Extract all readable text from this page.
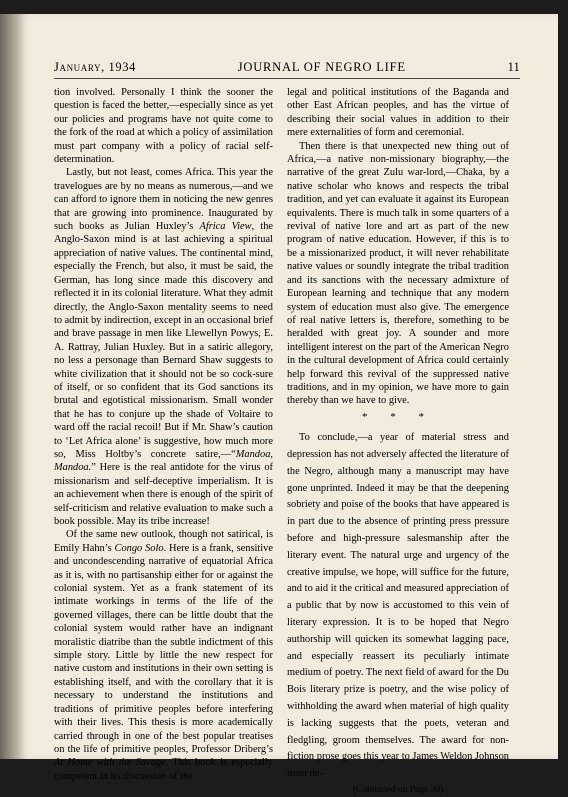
January, 1934	JOURNAL OF NEGRO LIFE	11

tion involved. Personally I think the sooner the question is faced the better,—especially since as yet our policies and programs have not quite come to the fork of the road at which a policy of assimilation must part company with a policy of racial self-determination.

Lastly, but not least, comes Africa. This year the travelogues are by no means as numerous,—and we can afford to ignore them in noticing the new genres that are growing into prominence. Inaugurated by such books as Julian Huxley’s Africa View, the Anglo-Saxon mind is at last achieving a spiritual appreciation of native values. The continental mind, especially the French, but also, it must be said, the German, has long since made this discovery and reflected it in its colonial literature. What they admit directly, the Anglo-Saxon mentality seems to need to admit by indirection, except in an occasional brief and brave passage in men like Llewellyn Powys, E. A. Rattray, Julian Huxley. But in a satiric allegory, no less a personage than Bernard Shaw suggests to white civilization that it should not be so cock-sure of itself, or so confident that its God sanctions its brutal and egotistical missionarism. Small wonder that he has to conjure up the shade of Voltaire to ward off the racial recoil! But if Mr. Shaw’s caution to ‘Let Africa alone’ is suggestive, how much more so, Miss Holtby’s concrete satire,—“Mandoa, Mandoa.” Here is the real antidote for the virus of missionarism and self-deceptive imperialism. It is an achievement when there is enough of the spirit of self-criticism and relative evaluation to make such a book possible. May its tribe increase!

Of the same new outlook, though not satirical, is Emily Hahn’s Congo Solo. Here is a frank, sensitive and uncondescending narrative of equatorial Africa as it is, with no partisanship either for or against the colonial system. Yet as a frank statement of its intimate workings in terms of the life of the governed villages, there can be little doubt that the colonial system would rather have an indignant moralistic diatribe than the subtle indictment of this simple story. Little by little the new respect for native custom and institutions in their own setting is establishing itself, and with the corollary that it is necessary to understand the institutions and traditions of primitive peoples before interfering with their lives. This thesis is more academically carried through in one of the best popular treatises on the life of primitive peoples, Professor Driberg’s At Home with the Savage. This book is especially competent in its discussion of the

legal and political institutions of the Baganda and other East African peoples, and has the virtue of describing their social values in addition to their mere externalities of form and ceremonial.

Then there is that unexpected new thing out of Africa,—a native non-missionary biography,—the narrative of the great Zulu war-lord,—Chaka, by a native scholar who knows and respects the tribal tradition, and yet can evaluate it against its European equivalents. There is much talk in some quarters of a revival of native lore and art as part of the new program of native education. However, if this is to be a missionarized product, it will never rehabilitate native values or soundly integrate the tribal tradition and its sanctions with the necessary admixture of European learning and technique that any modern system of education must also give. The emergence of real native letters is, therefore, something to be heralded with great joy. A sounder and more intelligent interest on the part of the American Negro in the cultural development of Africa could certainly help forward this revival of the suppressed native traditions, and in my opinion, we have more to gain thereby than we have to give.

* * *

To conclude,—a year of material stress and depression has not adversely affected the literature of the Negro, although many a manuscript may have gone unprinted. Indeed it may be that the deepening sobriety and poise of the books that have appeared is in part due to the absence of printing press pressure before and high-pressure salesmanship after the literary event. The natural urge and urgency of the creative impulse, we hope, will suffice for the future, and to aid it the critical and measured appreciation of a public that by now is accustomed to this vein of literary expression. It is to be hoped that Negro authorship will quicken its somewhat lagging pace, and especially reassert its peculiarly intimate medium of poetry. The next field of award for the Du Bois literary prize is poetry, and the wise policy of withholding the award when material of high quality is lacking suggests that the poets, veteran and fledgling, groom themselves. The award for non-fiction prose goes this year to James Weldon Johnson most de-

(Continued on Page 30)
